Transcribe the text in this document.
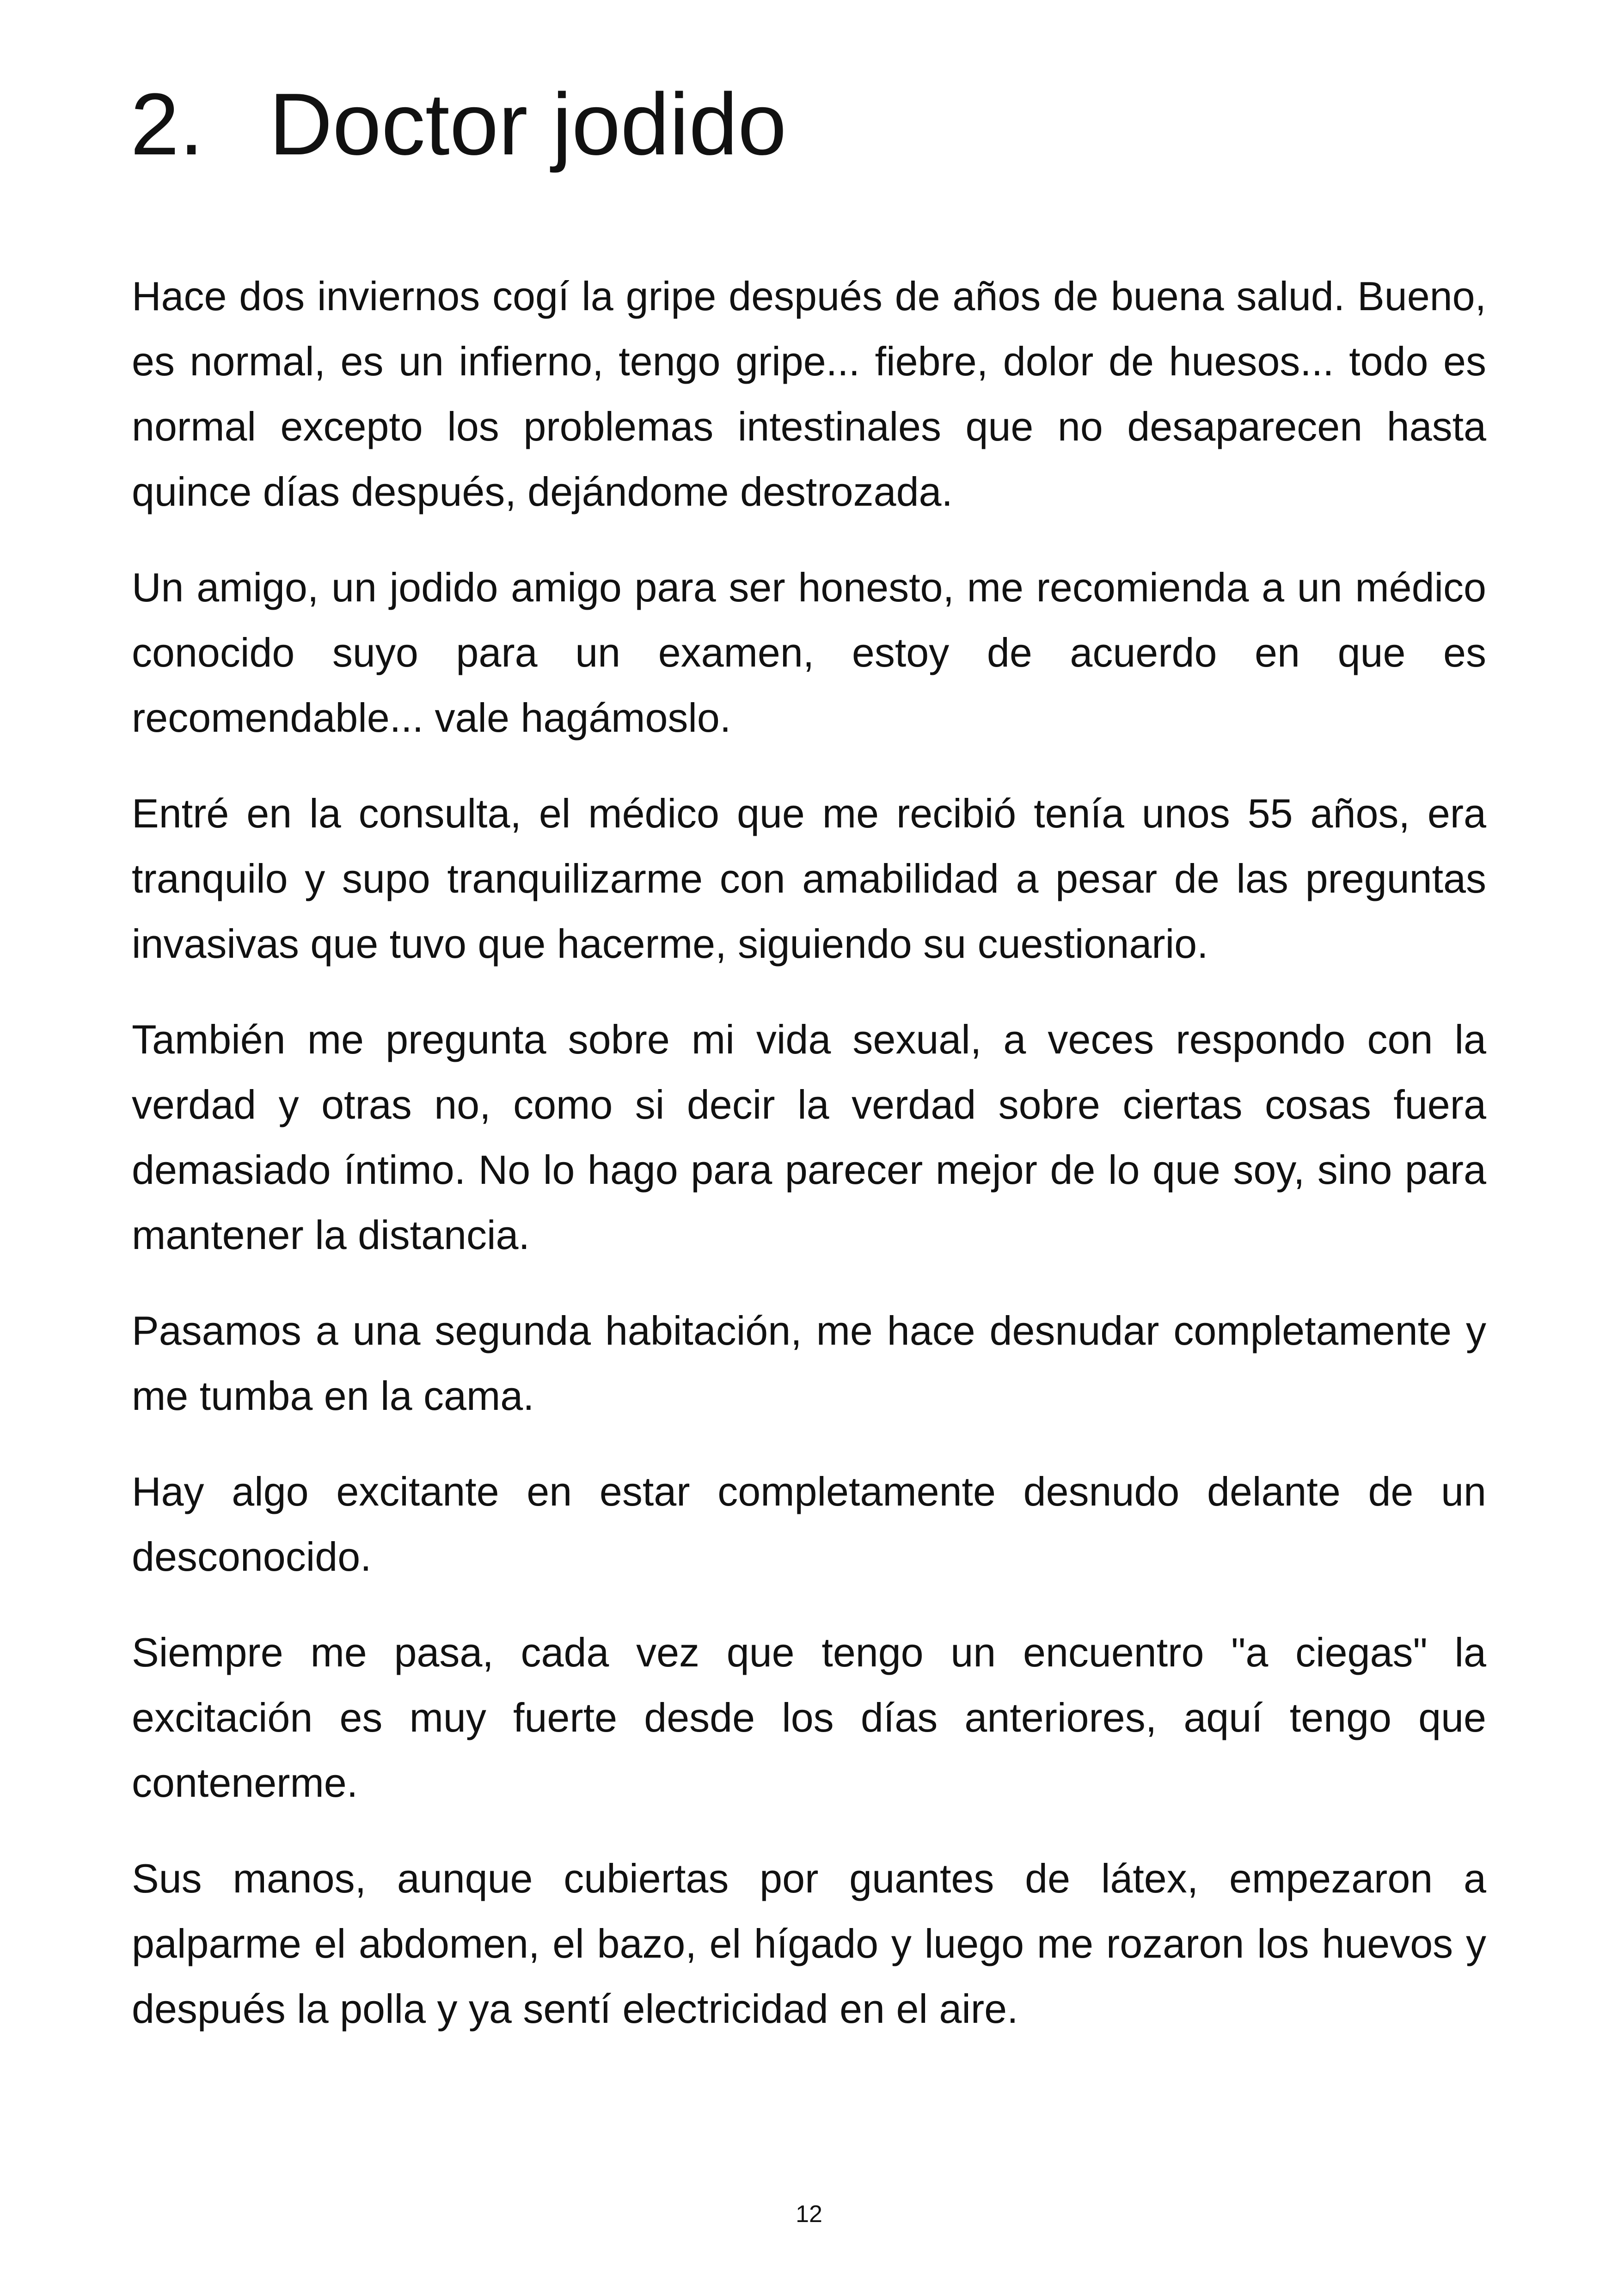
2. Doctor jodido

Hace dos inviernos cogí la gripe después de años de buena salud. Bueno, es normal, es un infierno, tengo gripe... fiebre, dolor de huesos... todo es normal excepto los problemas intestinales que no desaparecen hasta quince días después, dejándome destrozada.

Un amigo, un jodido amigo para ser honesto, me recomienda a un médico conocido suyo para un examen, estoy de acuerdo en que es recomendable... vale hagámoslo.

Entré en la consulta, el médico que me recibió tenía unos 55 años, era tranquilo y supo tranquilizarme con amabilidad a pesar de las preguntas invasivas que tuvo que hacerme, siguiendo su cuestionario.

También me pregunta sobre mi vida sexual, a veces respondo con la verdad y otras no, como si decir la verdad sobre ciertas cosas fuera demasiado íntimo. No lo hago para parecer mejor de lo que soy, sino para mantener la distancia.

Pasamos a una segunda habitación, me hace desnudar completamente y me tumba en la cama.

Hay algo excitante en estar completamente desnudo delante de un desconocido.

Siempre me pasa, cada vez que tengo un encuentro "a ciegas" la excitación es muy fuerte desde los días anteriores, aquí tengo que contenerme.

Sus manos, aunque cubiertas por guantes de látex, empezaron a palparme el abdomen, el bazo, el hígado y luego me rozaron los huevos y después la polla y ya sentí electricidad en el aire.

12
